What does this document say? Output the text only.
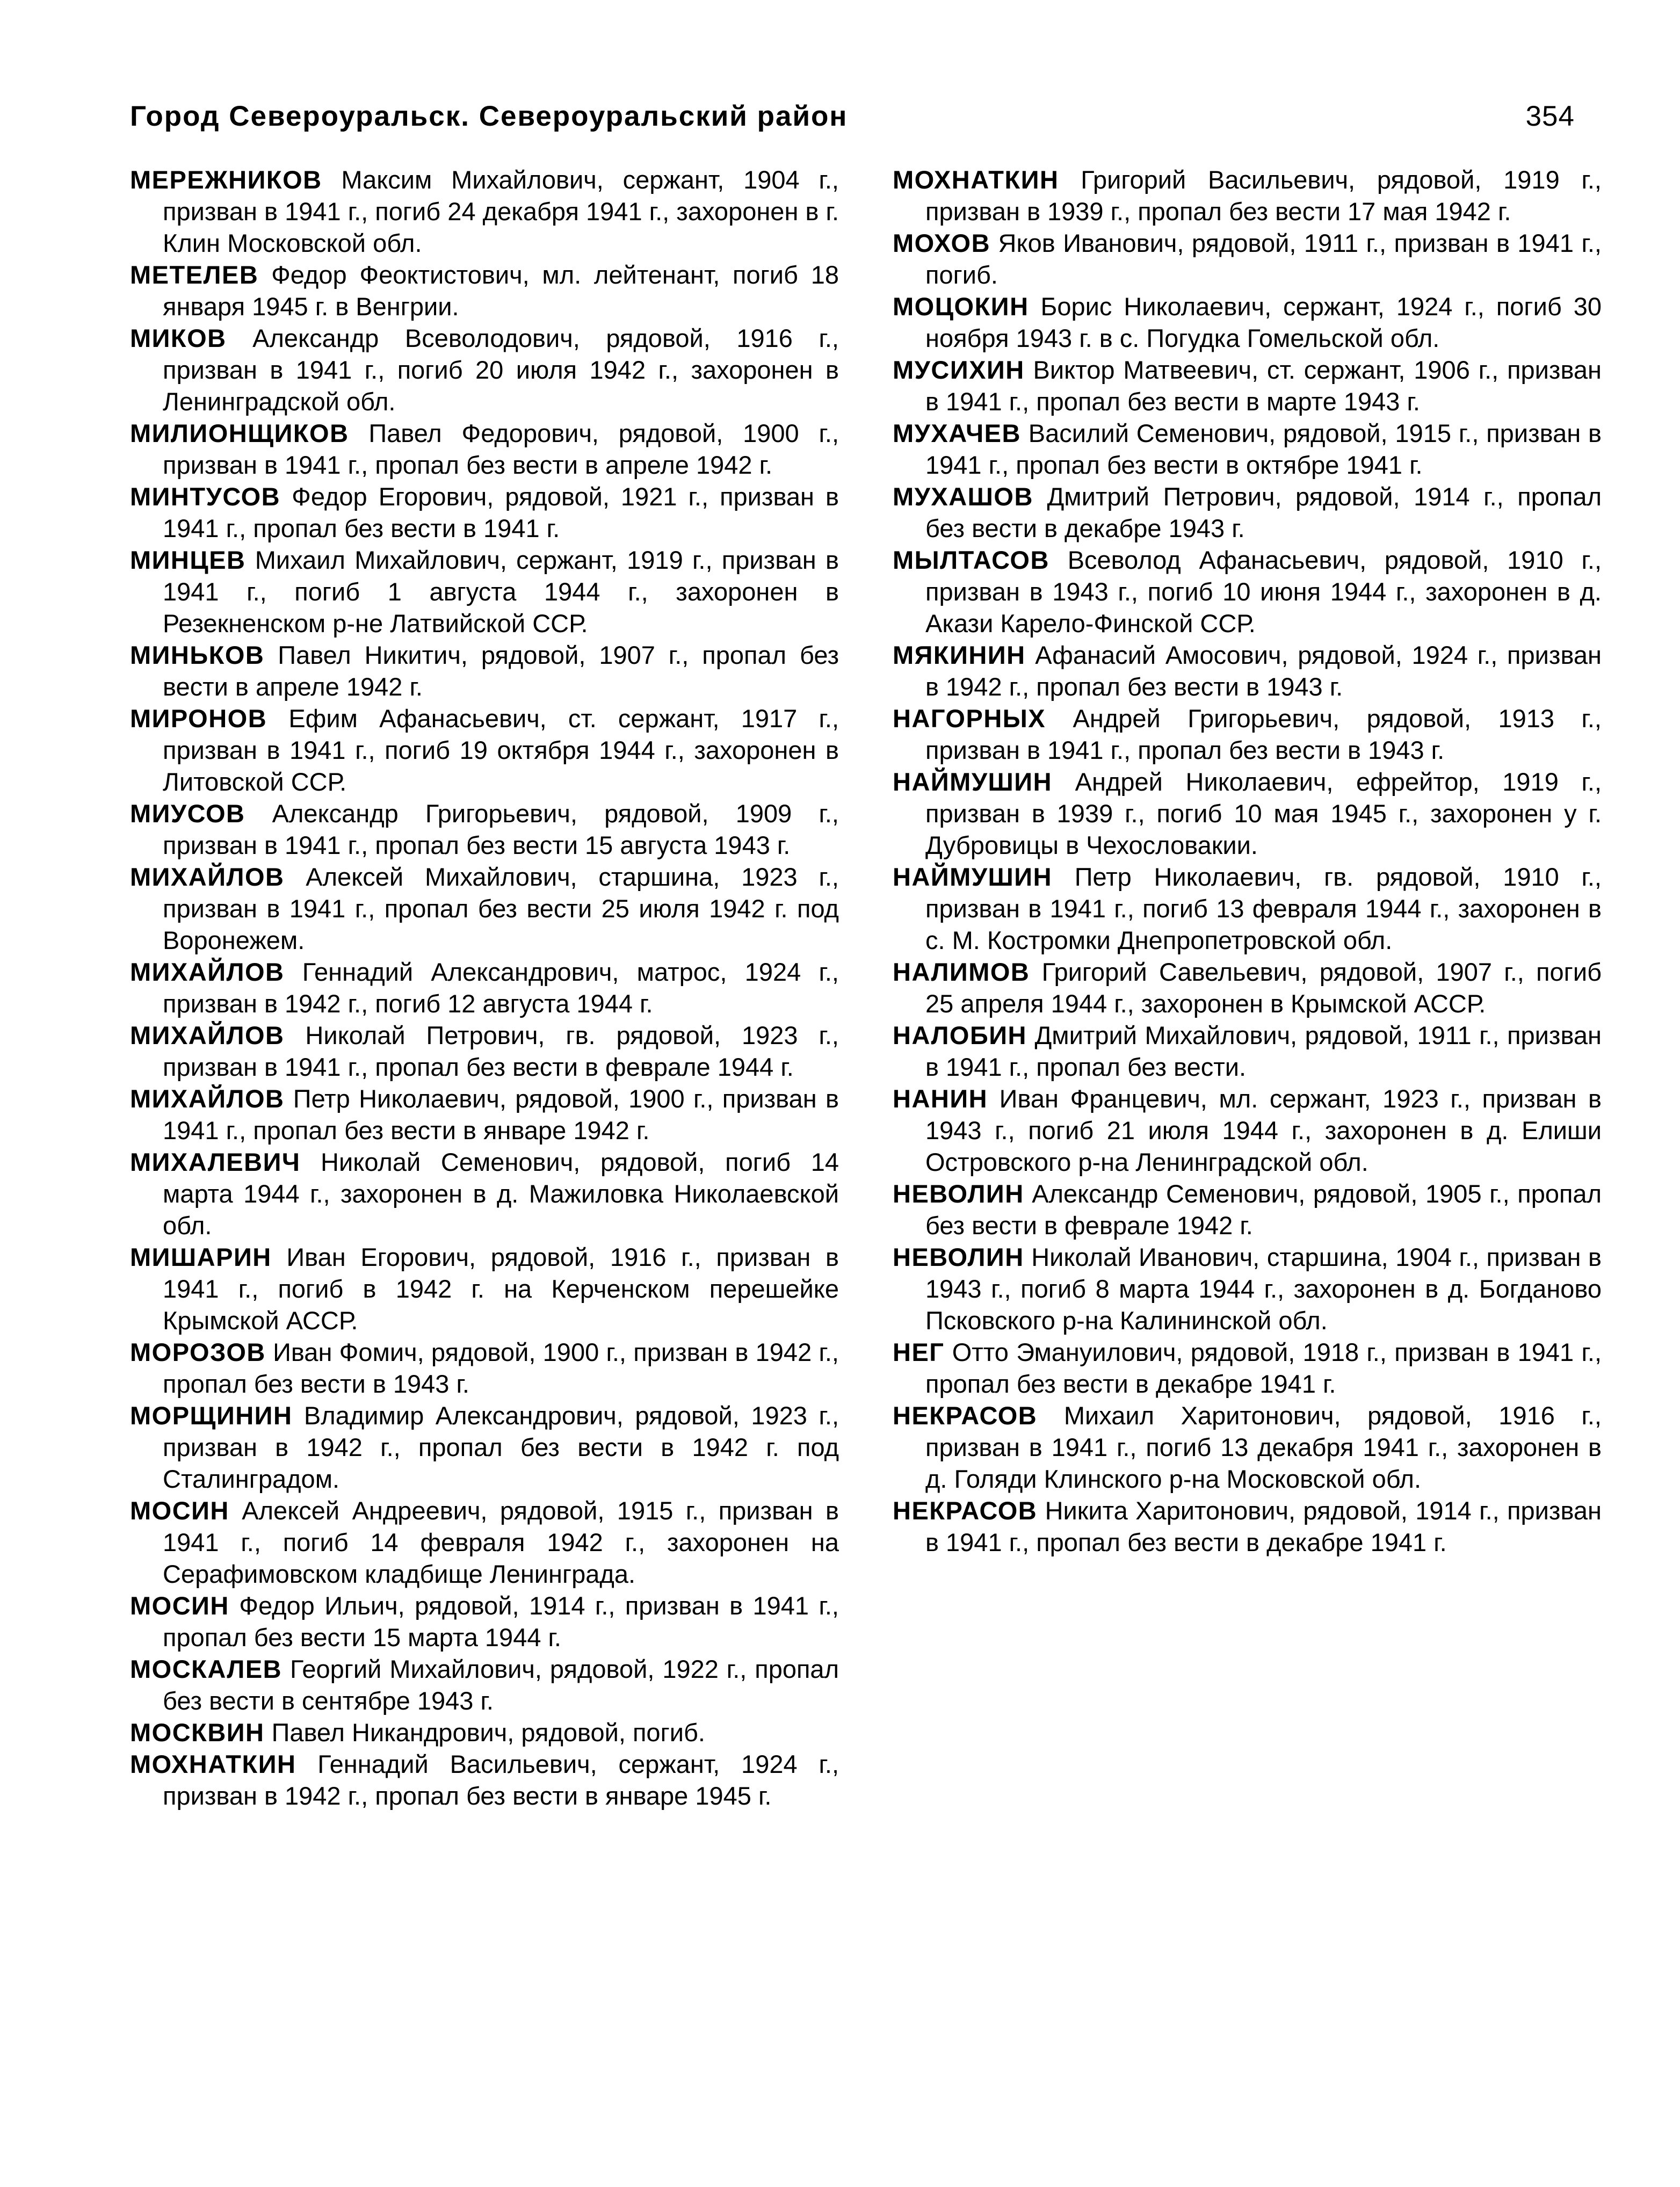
Город Североуральск. Североуральский район	354

МЕРЕЖНИКОВ Максим Михайлович, сержант, 1904 г., призван в 1941 г., погиб 24 декабря 1941 г., захоронен в г. Клин Московской обл.

МЕТЕЛЕВ Федор Феоктистович, мл. лейтенант, погиб 18 января 1945 г. в Венгрии.

МИКОВ Александр Всеволодович, рядовой, 1916 г., призван в 1941 г., погиб 20 июля 1942 г., захоронен в Ленинградской обл.

МИЛИОНЩИКОВ Павел Федорович, рядовой, 1900 г., призван в 1941 г., пропал без вести в апреле 1942 г.

МИНТУСОВ Федор Егорович, рядовой, 1921 г., призван в 1941 г., пропал без вести в 1941 г.

МИНЦЕВ Михаил Михайлович, сержант, 1919 г., призван в 1941 г., погиб 1 августа 1944 г., захоронен в Резекненском р-не Латвийской ССР.

МИНЬКОВ Павел Никитич, рядовой, 1907 г., пропал без вести в апреле 1942 г.

МИРОНОВ Ефим Афанасьевич, ст. сержант, 1917 г., призван в 1941 г., погиб 19 октября 1944 г., захоронен в Литовской ССР.

МИУСОВ Александр Григорьевич, рядовой, 1909 г., призван в 1941 г., пропал без вести 15 августа 1943 г.

МИХАЙЛОВ Алексей Михайлович, старшина, 1923 г., призван в 1941 г., пропал без вести 25 июля 1942 г. под Воронежем.

МИХАЙЛОВ Геннадий Александрович, матрос, 1924 г., призван в 1942 г., погиб 12 августа 1944 г.

МИХАЙЛОВ Николай Петрович, гв. рядовой, 1923 г., призван в 1941 г., пропал без вести в феврале 1944 г.

МИХАЙЛОВ Петр Николаевич, рядовой, 1900 г., призван в 1941 г., пропал без вести в январе 1942 г.

МИХАЛЕВИЧ Николай Семенович, рядовой, погиб 14 марта 1944 г., захоронен в д. Мажиловка Николаевской обл.

МИШАРИН Иван Егорович, рядовой, 1916 г., призван в 1941 г., погиб в 1942 г. на Керченском перешейке Крымской АССР.

МОРОЗОВ Иван Фомич, рядовой, 1900 г., призван в 1942 г., пропал без вести в 1943 г.

МОРЩИНИН Владимир Александрович, рядовой, 1923 г., призван в 1942 г., пропал без вести в 1942 г. под Сталинградом.

МОСИН Алексей Андреевич, рядовой, 1915 г., призван в 1941 г., погиб 14 февраля 1942 г., захоронен на Серафимовском кладбище Ленинграда.

МОСИН Федор Ильич, рядовой, 1914 г., призван в 1941 г., пропал без вести 15 марта 1944 г.

МОСКАЛЕВ Георгий Михайлович, рядовой, 1922 г., пропал без вести в сентябре 1943 г.

МОСКВИН Павел Никандрович, рядовой, погиб.

МОХНАТКИН Геннадий Васильевич, сержант, 1924 г., призван в 1942 г., пропал без вести в январе 1945 г.

МОХНАТКИН Григорий Васильевич, рядовой, 1919 г., призван в 1939 г., пропал без вести 17 мая 1942 г.

МОХОВ Яков Иванович, рядовой, 1911 г., призван в 1941 г., погиб.

МОЦОКИН Борис Николаевич, сержант, 1924 г., погиб 30 ноября 1943 г. в с. Погудка Гомельской обл.

МУСИХИН Виктор Матвеевич, ст. сержант, 1906 г., призван в 1941 г., пропал без вести в марте 1943 г.

МУХАЧЕВ Василий Семенович, рядовой, 1915 г., призван в 1941 г., пропал без вести в октябре 1941 г.

МУХАШОВ Дмитрий Петрович, рядовой, 1914 г., пропал без вести в декабре 1943 г.

МЫЛТАСОВ Всеволод Афанасьевич, рядовой, 1910 г., призван в 1943 г., погиб 10 июня 1944 г., захоронен в д. Акази Карело-Финской ССР.

МЯКИНИН Афанасий Амосович, рядовой, 1924 г., призван в 1942 г., пропал без вести в 1943 г.

НАГОРНЫХ Андрей Григорьевич, рядовой, 1913 г., призван в 1941 г., пропал без вести в 1943 г.

НАЙМУШИН Андрей Николаевич, ефрейтор, 1919 г., призван в 1939 г., погиб 10 мая 1945 г., захоронен у г. Дубровицы в Чехословакии.

НАЙМУШИН Петр Николаевич, гв. рядовой, 1910 г., призван в 1941 г., погиб 13 февраля 1944 г., захоронен в с. М. Костромки Днепропетровской обл.

НАЛИМОВ Григорий Савельевич, рядовой, 1907 г., погиб 25 апреля 1944 г., захоронен в Крымской АССР.

НАЛОБИН Дмитрий Михайлович, рядовой, 1911 г., призван в 1941 г., пропал без вести.

НАНИН Иван Францевич, мл. сержант, 1923 г., призван в 1943 г., погиб 21 июля 1944 г., захоронен в д. Елиши Островского р-на Ленинградской обл.

НЕВОЛИН Александр Семенович, рядовой, 1905 г., пропал без вести в феврале 1942 г.

НЕВОЛИН Николай Иванович, старшина, 1904 г., призван в 1943 г., погиб 8 марта 1944 г., захоронен в д. Богданово Псковского р-на Калининской обл.

НЕГ Отто Эмануилович, рядовой, 1918 г., призван в 1941 г., пропал без вести в декабре 1941 г.

НЕКРАСОВ Михаил Харитонович, рядовой, 1916 г., призван в 1941 г., погиб 13 декабря 1941 г., захоронен в д. Голяди Клинского р-на Московской обл.

НЕКРАСОВ Никита Харитонович, рядовой, 1914 г., призван в 1941 г., пропал без вести в декабре 1941 г.
